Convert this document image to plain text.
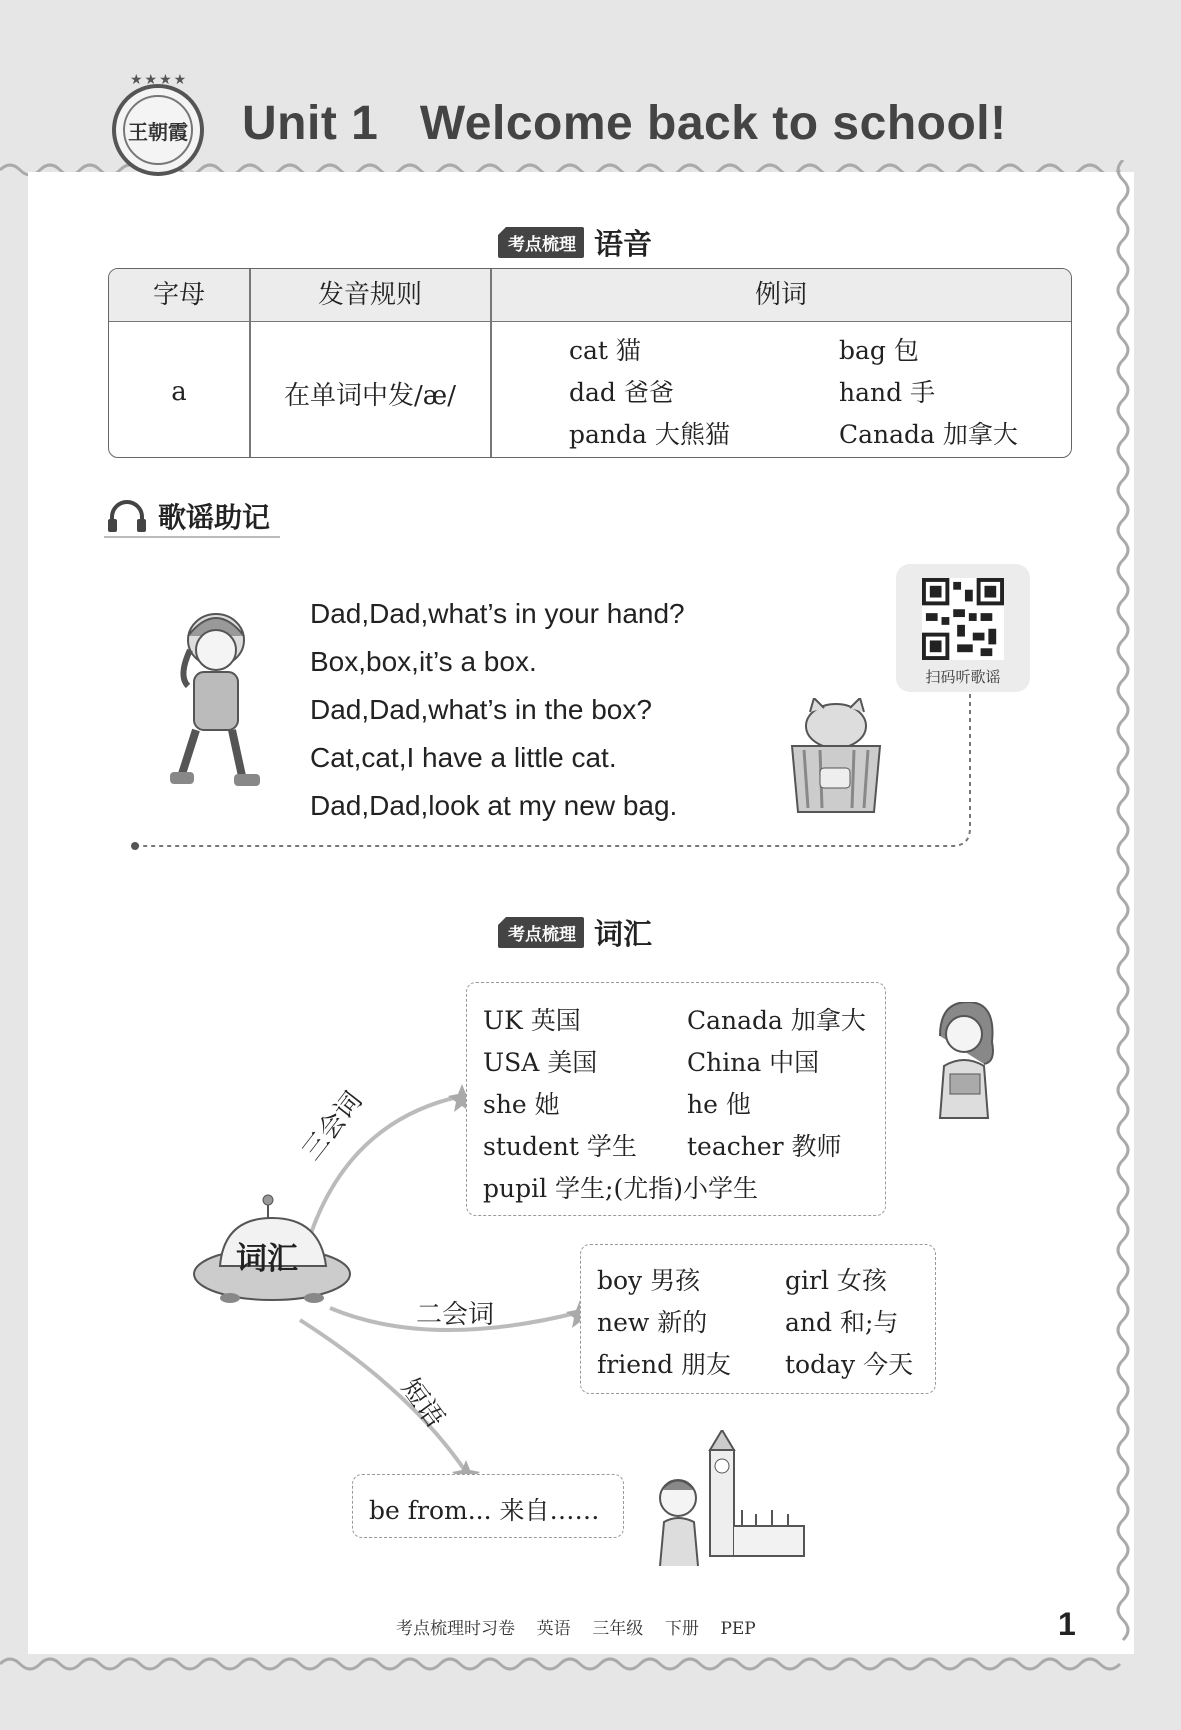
★★★★
王朝霞 Unit 1   Welcome back to school!
考点梳理 语音
字母	发音规则	例词
a	在单词中发/æ/
cat 猫	bag 包
dad 爸爸	hand 手
panda 大熊猫	Canada 加拿大
歌谣助记
Dad,Dad,what’s in your hand?
Box,box,it’s a box.
Dad,Dad,what’s in the box?
Cat,cat,I have a little cat.
Dad,Dad,look at my new bag.
扫码听歌谣
考点梳理 词汇
词汇
三会词
二会词
短语
UK 英国	Canada 加拿大
USA 美国	China 中国
she 她	he 他
student 学生 teacher 教师
pupil 学生;(尤指)小学生
boy 男孩	girl 女孩
new 新的	and 和;与
friend 朋友 today 今天
be from... 来自……
考点梳理时习卷    英语    三年级    下册    PEP	1
